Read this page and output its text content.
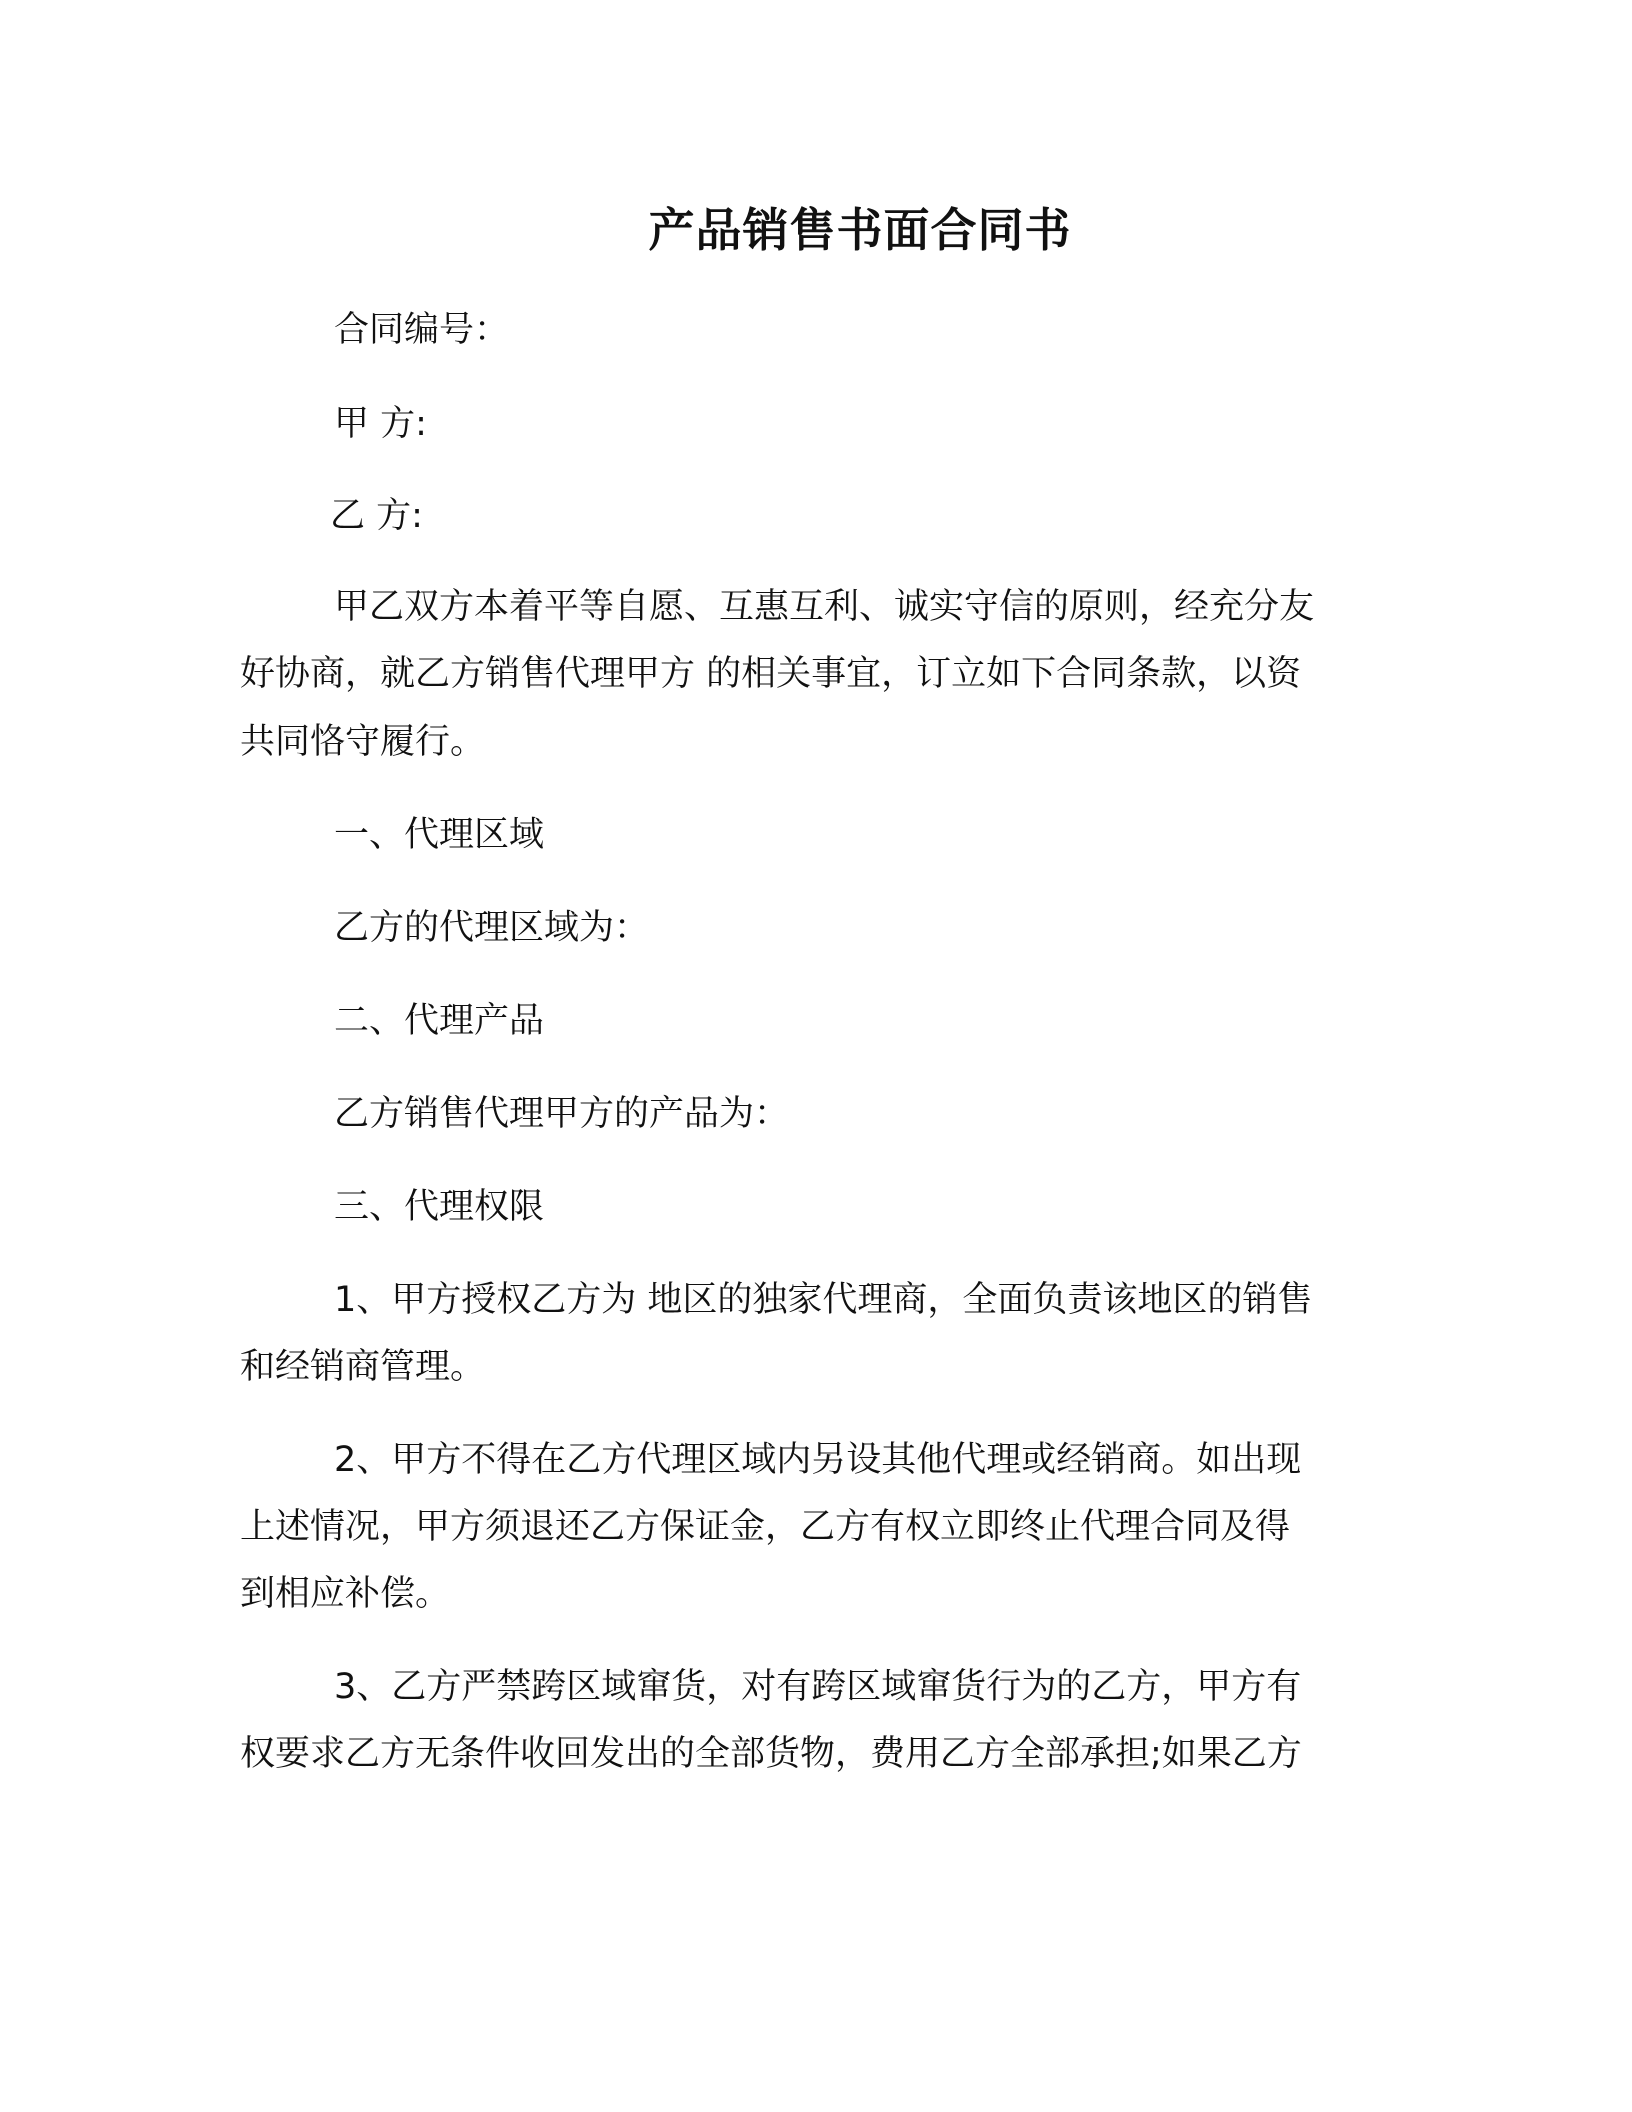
产品销售书面合同书

合同编号：

甲 方:

乙 方:

甲乙双方本着平等自愿、互惠互利、诚实守信的原则，经充分友

好协商，就乙方销售代理甲方 的相关事宜，订立如下合同条款，以资

共同恪守履行。

一、代理区域

乙方的代理区域为：

二、代理产品

乙方销售代理甲方的产品为：

三、代理权限

1、甲方授权乙方为 地区的独家代理商，全面负责该地区的销售

和经销商管理。

2、甲方不得在乙方代理区域内另设其他代理或经销商。如出现

上述情况，甲方须退还乙方保证金，乙方有权立即终止代理合同及得

到相应补偿。

3、乙方严禁跨区域窜货，对有跨区域窜货行为的乙方，甲方有

权要求乙方无条件收回发出的全部货物，费用乙方全部承担;如果乙方
